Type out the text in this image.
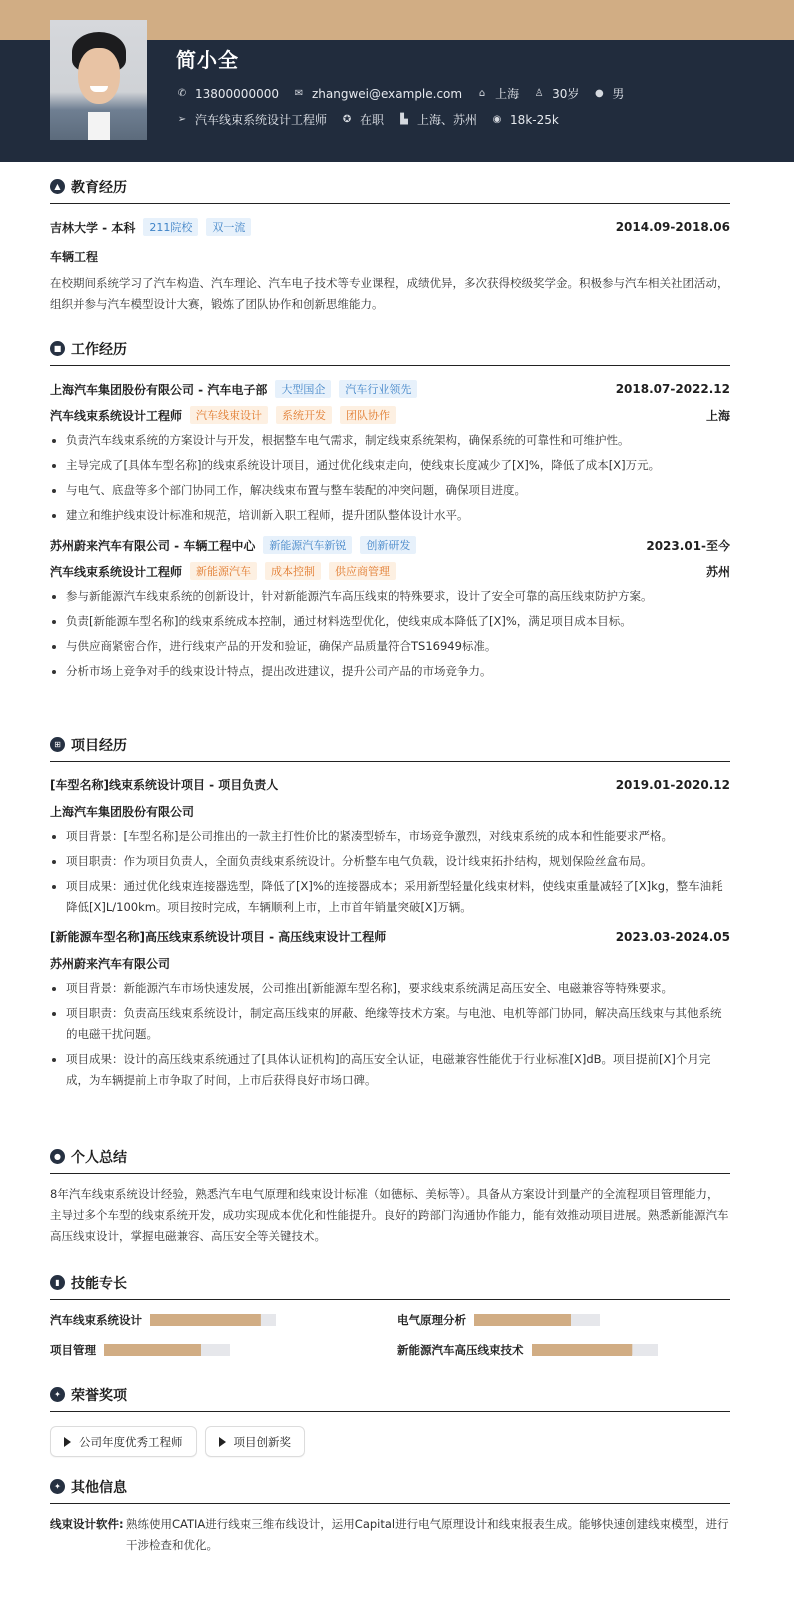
简小全
✆ 13800000000 ✉ zhangwei@example.com ⌂ 上海 ♙ 30岁 ● 男
➢ 汽车线束系统设计工程师 ✪ 在职 ▙ 上海、苏州 ◉ 18k-25k
▲ 教育经历
吉林大学 - 本科	211院校	双一流	2014.09-2018.06
车辆工程
在校期间系统学习了汽车构造、汽车理论、汽车电子技术等专业课程，成绩优异，多次获得校级奖学金。积极参与汽车相关社团活动，组织并参与汽车模型设计大赛，锻炼了团队协作和创新思维能力。
■ 工作经历
上海汽车集团股份有限公司 - 汽车电子部	大型国企	汽车行业领先	2018.07-2022.12
汽车线束系统设计工程师	汽车线束设计	系统开发	团队协作	上海
负责汽车线束系统的方案设计与开发，根据整车电气需求，制定线束系统架构，确保系统的可靠性和可维护性。
主导完成了[具体车型名称]的线束系统设计项目，通过优化线束走向，使线束长度减少了[X]%，降低了成本[X]万元。
与电气、底盘等多个部门协同工作，解决线束布置与整车装配的冲突问题，确保项目进度。
建立和维护线束设计标准和规范，培训新入职工程师，提升团队整体设计水平。
苏州蔚来汽车有限公司 - 车辆工程中心	新能源汽车新锐	创新研发	2023.01-至今
汽车线束系统设计工程师	新能源汽车	成本控制	供应商管理	苏州
参与新能源汽车线束系统的创新设计，针对新能源汽车高压线束的特殊要求，设计了安全可靠的高压线束防护方案。
负责[新能源车型名称]的线束系统成本控制，通过材料选型优化，使线束成本降低了[X]%，满足项目成本目标。
与供应商紧密合作，进行线束产品的开发和验证，确保产品质量符合TS16949标准。
分析市场上竞争对手的线束设计特点，提出改进建议，提升公司产品的市场竞争力。
⊞ 项目经历
[车型名称]线束系统设计项目 - 项目负责人	2019.01-2020.12
上海汽车集团股份有限公司
项目背景：[车型名称]是公司推出的一款主打性价比的紧凑型轿车，市场竞争激烈，对线束系统的成本和性能要求严格。
项目职责：作为项目负责人，全面负责线束系统设计。分析整车电气负载，设计线束拓扑结构，规划保险丝盒布局。
项目成果：通过优化线束连接器选型，降低了[X]%的连接器成本；采用新型轻量化线束材料，使线束重量减轻了[X]kg，整车油耗降低[X]L/100km。项目按时完成，车辆顺利上市，上市首年销量突破[X]万辆。
[新能源车型名称]高压线束系统设计项目 - 高压线束设计工程师	2023.03-2024.05
苏州蔚来汽车有限公司
项目背景：新能源汽车市场快速发展，公司推出[新能源车型名称]，要求线束系统满足高压安全、电磁兼容等特殊要求。
项目职责：负责高压线束系统设计，制定高压线束的屏蔽、绝缘等技术方案。与电池、电机等部门协同，解决高压线束与其他系统的电磁干扰问题。
项目成果：设计的高压线束系统通过了[具体认证机构]的高压安全认证，电磁兼容性能优于行业标准[X]dB。项目提前[X]个月完成，为车辆提前上市争取了时间，上市后获得良好市场口碑。
● 个人总结
8年汽车线束系统设计经验，熟悉汽车电气原理和线束设计标准（如德标、美标等）。具备从方案设计到量产的全流程项目管理能力，主导过多个车型的线束系统开发，成功实现成本优化和性能提升。良好的跨部门沟通协作能力，能有效推动项目进展。熟悉新能源汽车高压线束设计，掌握电磁兼容、高压安全等关键技术。
▮ 技能专长
汽车线束系统设计	电气原理分析
项目管理	新能源汽车高压线束技术
✦ 荣誉奖项
公司年度优秀工程师	项目创新奖
✦ 其他信息
线束设计软件: 熟练使用CATIA进行线束三维布线设计，运用Capital进行电气原理设计和线束报表生成。能够快速创建线束模型，进行干涉检查和优化。
